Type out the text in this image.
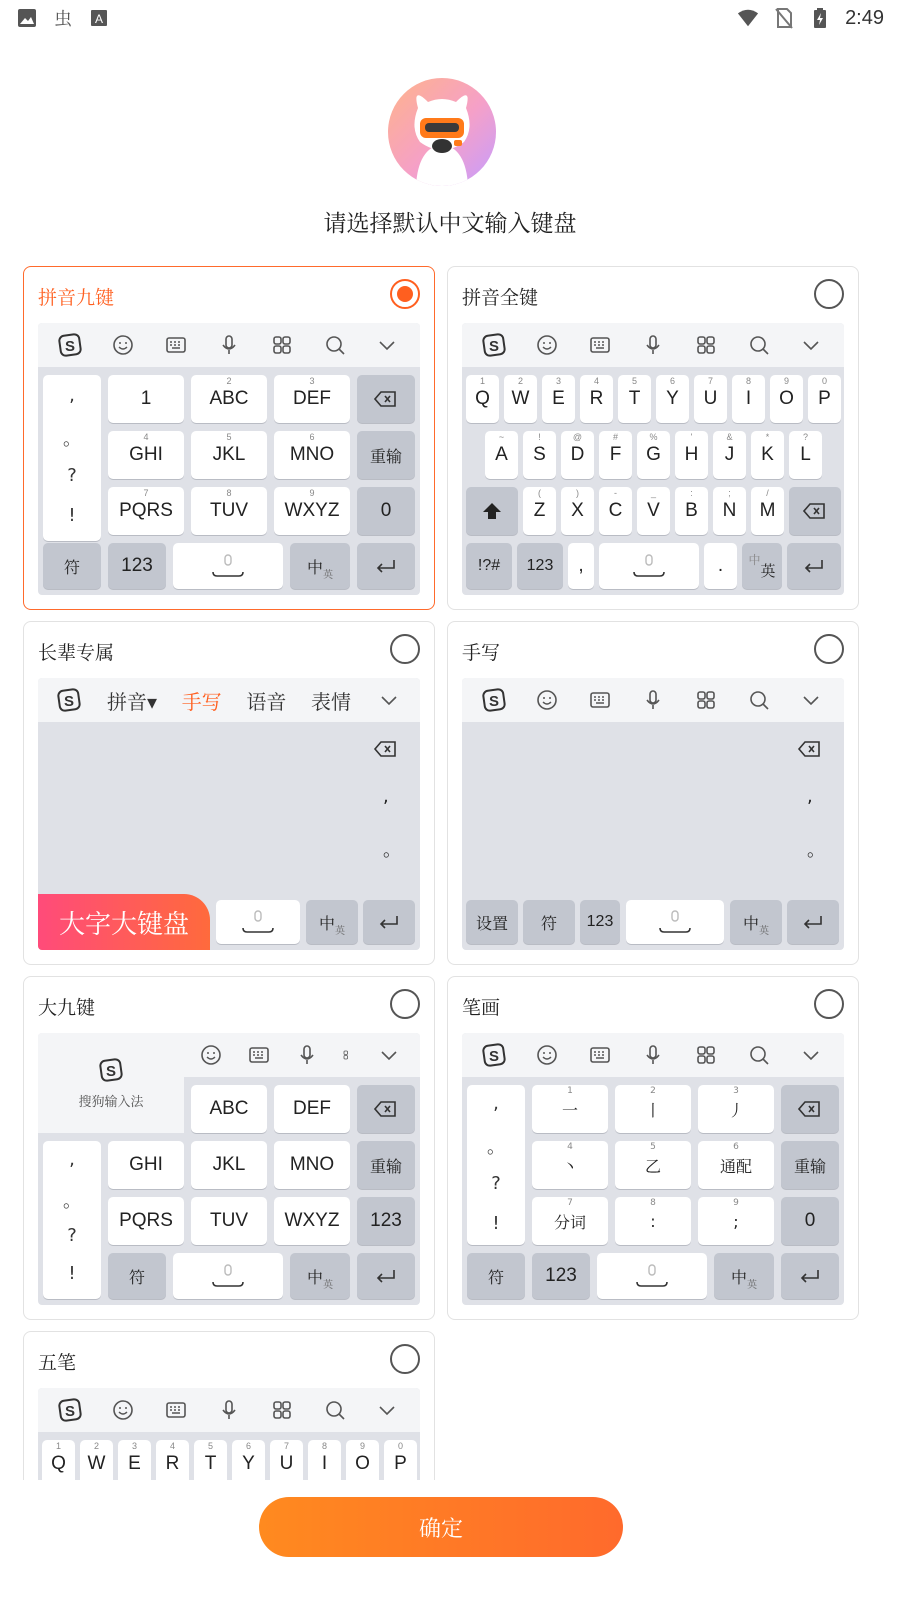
虫 A	2:49
请选择默认中文输入键盘
拼音九键
S
,
。
?
!
1
2
ABC
3
DEF
4
GHI
5
JKL
6
MNO 重输
7
PQRS
8
TUV
9
WXYZ 0
符 123	中 英
拼音全键
S
1
Q
2
W
3
E
4
R
5
T
6
Y
7
U
8
I
9
O
0
P
~
A
!
S
@
D
#
F
%
G
'
H
&
J
*
K
?
L
(
Z
)
X
-
C
_
V
:
B
;
N
/
M
!?# 123 ,	. 中
英
长辈专属
S 拼音▾ 手写 语音 表情
,
。
中 英
大字大键盘
手写
S
,
。
设置 符 123	中 英
大九键
S
搜狗输入法	ABC DEF
,
。
?
!
GHI	JKL MNO 重输
PQRS TUV WXYZ 123
符	中 英
笔画
S
,
。
?
!
1
一
2
丨
3
丿
4
丶
5
乙
6
通配	重输
7
分词
8
:
9
;	0
符 123	中 英
五笔
S
1
Q
2
W
3
E
4
R
5
T
6
Y
7
U
8
I
9
O
0
P
确定
